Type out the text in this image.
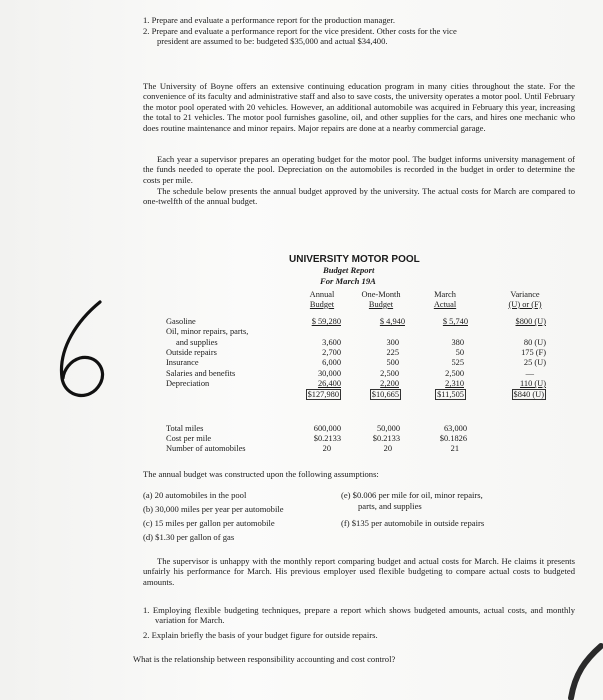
1. Prepare and evaluate a performance report for the production manager.
2. Prepare and evaluate a performance report for the vice president. Other costs for the vice
president are assumed to be: budgeted $35,000 and actual $34,400.
The University of Boyne offers an extensive continuing education program in many cities throughout the state. For the convenience of its faculty and administrative staff and also to save costs, the university operates a motor pool. Until February the motor pool operated with 20 vehicles. However, an additional automobile was acquired in February this year, increasing the total to 21 vehicles. The motor pool furnishes gasoline, oil, and other supplies for the cars, and hires one mechanic who does routine maintenance and minor repairs. Major repairs are done at a nearby commercial garage.
Each year a supervisor prepares an operating budget for the motor pool. The budget informs university management of the funds needed to operate the pool. Depreciation on the automobiles is recorded in the budget in order to determine the costs per mile.
The schedule below presents the annual budget approved by the university. The actual costs for March are compared to one-twelfth of the annual budget.
UNIVERSITY MOTOR POOL
Budget Report
For March 19A
Annual
Budget
One-Month
Budget
March
Actual
Variance
(U) or (F)
Gasoline
Oil, minor repairs, parts,
and supplies
Outside repairs
Insurance
Salaries and benefits
Depreciation
$ 59,280
3,600
2,700
6,000
30,000
26,400
$127,980
$ 4,940
300
225
500
2,500
2,200
$10,665
$ 5,740
380
50
525
2,500
2,310
$11,505
$800 (U)
80 (U)
175 (F)
25 (U)
—
110 (U)
$840 (U)
Total miles
Cost per mile
Number of automobiles
600,000
$0.2133
20
50,000
$0.2133
20
63,000
$0.1826
21
The annual budget was constructed upon the following assumptions:
(a) 20 automobiles in the pool
(b) 30,000 miles per year per automobile
(c) 15 miles per gallon per automobile
(d) $1.30 per gallon of gas
(e) $0.006 per mile for oil, minor repairs,
parts, and supplies
(f) $135 per automobile in outside repairs
The supervisor is unhappy with the monthly report comparing budget and actual costs for March. He claims it presents unfairly his performance for March. His previous employer used flexible budgeting to compare actual costs to budgeted amounts.
1. Employing flexible budgeting techniques, prepare a report which shows budgeted amounts, actual costs, and monthly variation for March.
2. Explain briefly the basis of your budget figure for outside repairs.
What is the relationship between responsibility accounting and cost control?
